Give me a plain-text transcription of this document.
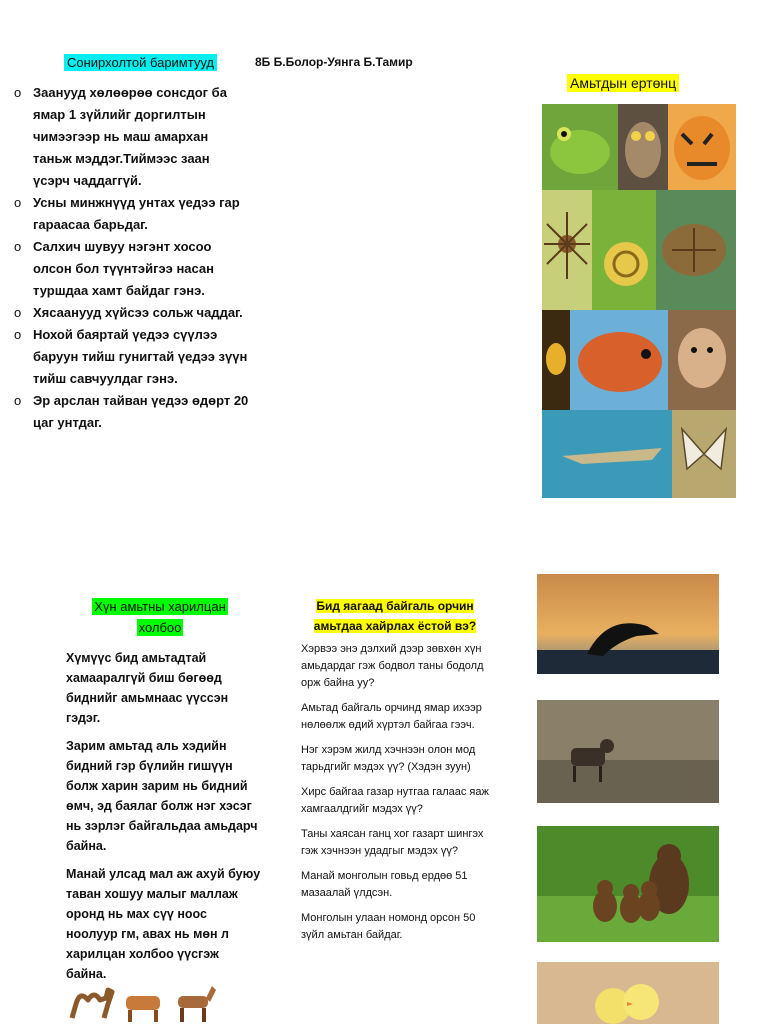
Сонирхолтой баримтууд	8Б Б.Болор-Уянга Б.Тамир
o Заанууд хөлөөрөө сонсдог ба ямар 1 зүйлийг доргилтын чимээгээр нь маш амархан таньж мэддэг.Тиймээс заан үсэрч чаддаггүй.
o Усны минжнүүд унтах үедээ гар гараасаа барьдаг.
o Салхич шувуу нэгэнт хосоо олсон бол түүнтэйгээ насан туршдаа хамт байдаг гэнэ.
o Хясаанууд хүйсээ сольж чаддаг.
o Нохой баяртай үедээ сүүлээ баруун тийш гунигтай үедээ зүүн тийш савчуулдаг гэнэ.
o Эр арслан тайван үедээ өдөрт 20 цаг унтдаг.
Амьтдын ертөнц
Хүн амьтны харилцан
холбоо

Хүмүүс бид амьтадтай хамааралгүй биш бөгөөд биднийг амьмнаас үүссэн гэдэг.

Зарим амьтад аль хэдийн бидний гэр бүлийн гишүүн болж харин зарим нь бидний өмч, эд баялаг болж нэг хэсэг нь зэрлэг байгальдаа амьдарч байна.

Манай улсад мал аж ахуй буюу таван хошуу малыг маллаж оронд нь мах сүү ноос ноолуур гм, авах нь мөн л харилцан холбоо үүсгэж байна.

Бид яагаад байгаль орчин
амьтдаа хайрлах ёстой вэ?

Хэрвээ энэ дэлхий дээр зөвхөн хүн амьдардаг гэж бодвол таны бодолд орж байна уу?

Амьтад байгаль орчинд ямар ихээр нөлөөлж өдий хүртэл байгаа гээч.

Нэг хэрэм жилд хэчнээн олон мод тарьдгийг мэдэх үү? (Хэдэн зуун)

Хирс байгаа газар нутгаа галаас яаж хамгаалдгийг мэдэх үү?

Таны хаясан ганц хог газарт шингэх гэж хэчнээн удадгыг мэдэх үү?

Манай монголын говьд ердөө 51 мазаалай үлдсэн.

Монголын улаан номонд орсон 50 зүйл амьтан байдаг.
